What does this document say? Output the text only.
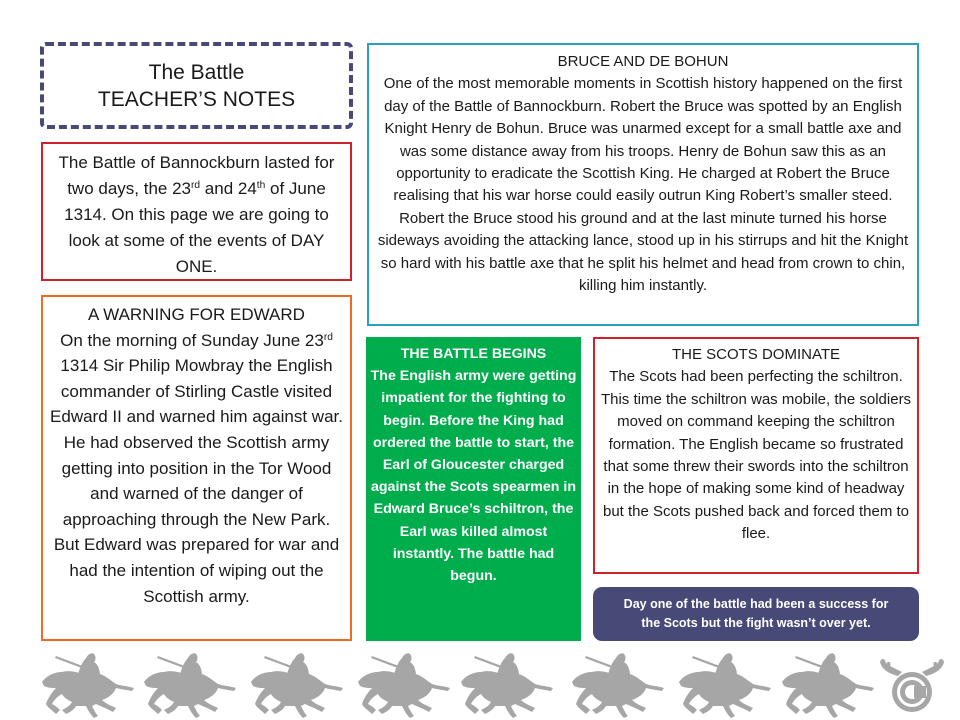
The Battle
TEACHER’S NOTES
The Battle of Bannockburn lasted for two days, the 23rd and 24th of June 1314. On this page we are going to look at some of the events of DAY ONE.
A WARNING FOR EDWARD
On the morning of Sunday June 23rd 1314 Sir Philip Mowbray the English commander of Stirling Castle visited Edward II and warned him against war. He had observed the Scottish army getting into position in the Tor Wood and warned of the danger of approaching through the New Park. But Edward was prepared for war and had the intention of wiping out the Scottish army.
BRUCE AND DE BOHUN
One of the most memorable moments in Scottish history happened on the first day of the Battle of Bannockburn. Robert the Bruce was spotted by an English Knight Henry de Bohun. Bruce was unarmed except for a small battle axe and was some distance away from his troops. Henry de Bohun saw this as an opportunity to eradicate the Scottish King. He charged at Robert the Bruce realising that his war horse could easily outrun King Robert’s smaller steed. Robert the Bruce stood his ground and at the last minute turned his horse sideways avoiding the attacking lance, stood up in his stirrups and hit the Knight so hard with his battle axe that he split his helmet and head from crown to chin, killing him instantly.
THE BATTLE BEGINS
The English army were getting impatient for the fighting to begin. Before the King had ordered the battle to start, the Earl of Gloucester charged against the Scots spearmen in Edward Bruce’s schiltron, the Earl was killed almost instantly. The battle had begun.
THE SCOTS DOMINATE
The Scots had been perfecting the schiltron. This time the schiltron was mobile, the soldiers moved on command keeping the schiltron formation. The English became so frustrated that some threw their swords into the schiltron in the hope of making some kind of headway but the Scots pushed back and forced them to flee.
Day one of the battle had been a success for
the Scots but the fight wasn’t over yet.
